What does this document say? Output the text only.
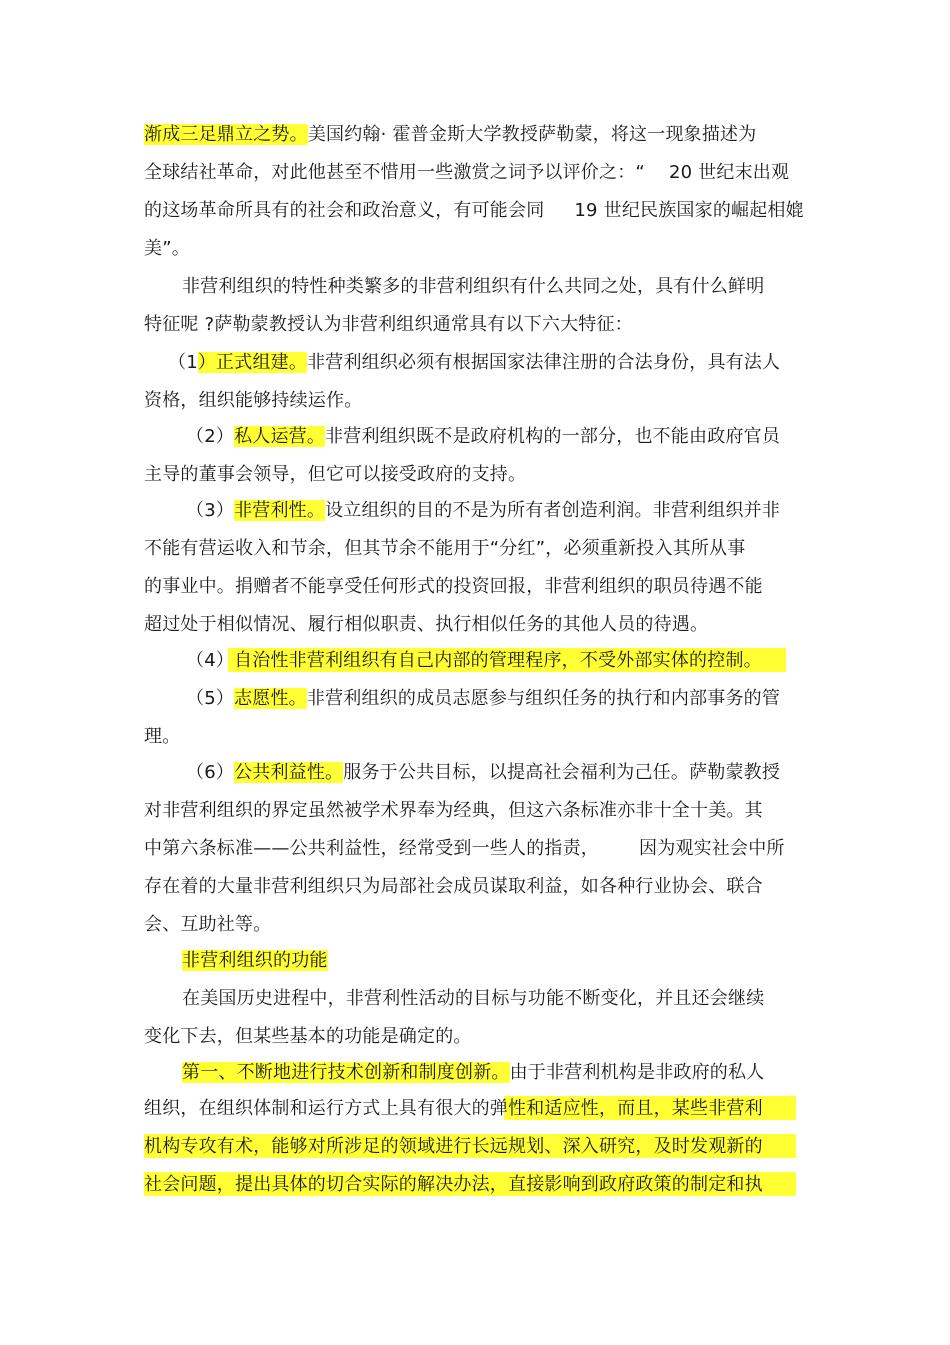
渐成三足鼎立之势。美国约翰· 霍普金斯大学教授萨勒蒙，将这一现象描述为
全球结社革命，对此他甚至不惜用一些激赏之词予以评价之：“ 20 世纪末出观
的这场革命所具有的社会和政治意义，有可能会同 19 世纪民族国家的崛起相媲
美”。
非营利组织的特性种类繁多的非营利组织有什么共同之处，具有什么鲜明
特征呢 ?萨勒蒙教授认为非营利组织通常具有以下六大特征：
（1）正式组建。非营利组织必须有根据国家法律注册的合法身份，具有法人
资格，组织能够持续运作。
（2）私人运营。非营利组织既不是政府机构的一部分，也不能由政府官员
主导的董事会领导，但它可以接受政府的支持。
（3）非营利性。设立组织的目的不是为所有者创造利润。非营利组织并非
不能有营运收入和节余，但其节余不能用于“分红”，必须重新投入其所从事
的事业中。捐赠者不能享受任何形式的投资回报，非营利组织的职员待遇不能
超过处于相似情况、履行相似职责、执行相似任务的其他人员的待遇。
（4）自治性非营利组织有自己内部的管理程序，不受外部实体的控制。
（5）志愿性。非营利组织的成员志愿参与组织任务的执行和内部事务的管
理。
（6）公共利益性。服务于公共目标，以提高社会福利为己任。萨勒蒙教授
对非营利组织的界定虽然被学术界奉为经典，但这六条标准亦非十全十美。其
中第六条标准——公共利益性，经常受到一些人的指责， 因为观实社会中所
存在着的大量非营利组织只为局部社会成员谋取利益，如各种行业协会、联合
会、互助社等。
非营利组织的功能
在美国历史进程中，非营利性活动的目标与功能不断变化，并且还会继续
变化下去，但某些基本的功能是确定的。
第一、不断地进行技术创新和制度创新。由于非营利机构是非政府的私人
组织，在组织体制和运行方式上具有很大的弹性和适应性，而且，某些非营利
机构专攻有术，能够对所涉足的领域进行长远规划、深入研究，及时发观新的
社会问题，提出具体的切合实际的解决办法，直接影响到政府政策的制定和执
